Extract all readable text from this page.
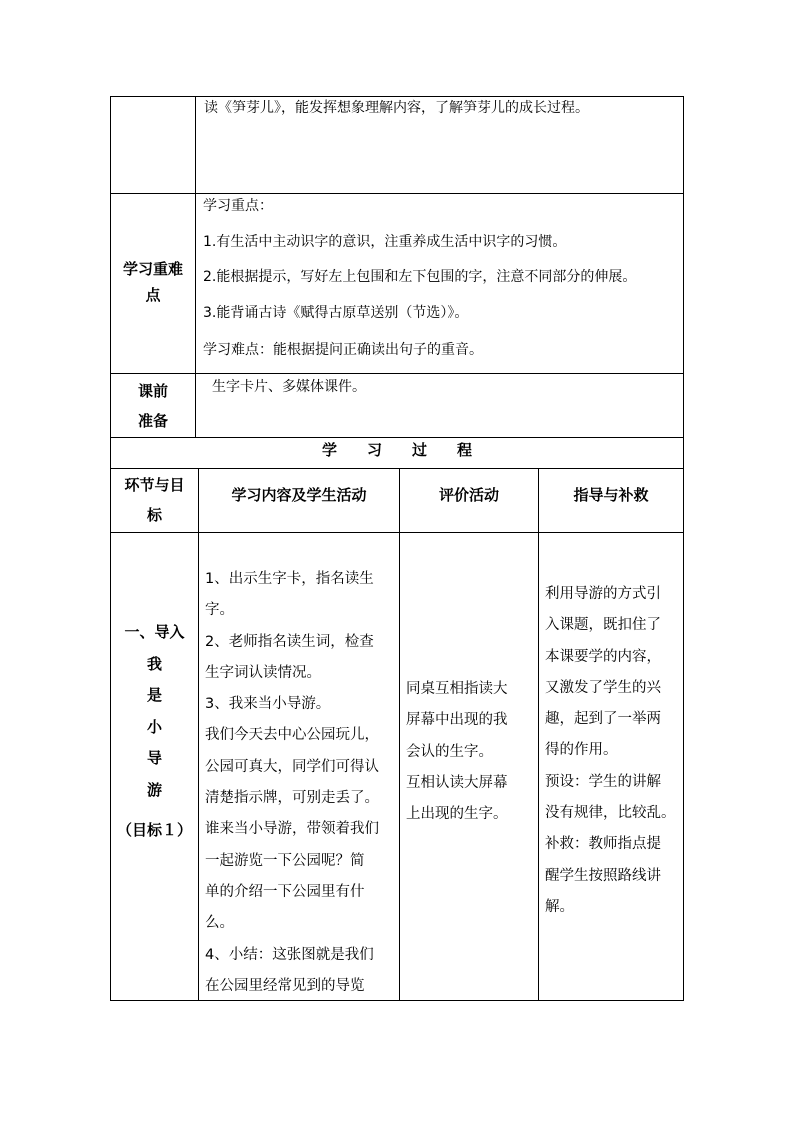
读《笋芽儿》，能发挥想象理解内容，了解笋芽儿的成长过程。

学习重难
点

学习重点：

1.有生活中主动识字的意识，注重养成生活中识字的习惯。

2.能根据提示，写好左上包围和左下包围的字，注意不同部分的伸展。

3.能背诵古诗《赋得古原草送别（节选）》。

学习难点：能根据提问正确读出句子的重音。

课前
准备

生字卡片、多媒体课件。

学　　习　　过　　程
环节与目
标
学习内容及学生活动	评价活动	指导与补救
一、导入
我
是
小
导
游
（目标１）

1、出示生字卡，指名读生

字。

2、老师指名读生词，检查

生字词认读情况。

3、我来当小导游。

我们今天去中心公园玩儿，

公园可真大，同学们可得认

清楚指示牌，可别走丢了。

谁来当小导游，带领着我们

一起游览一下公园呢？简

单的介绍一下公园里有什

么。

4、小结：这张图就是我们

在公园里经常见到的导览

同桌互相指读大

屏幕中出现的我

会认的生字。

互相认读大屏幕

上出现的生字。

利用导游的方式引

入课题，既扣住了

本课要学的内容，

又激发了学生的兴

趣，起到了一举两

得的作用。

预设：学生的讲解

没有规律，比较乱。

补救：教师指点提

醒学生按照路线讲

解。
